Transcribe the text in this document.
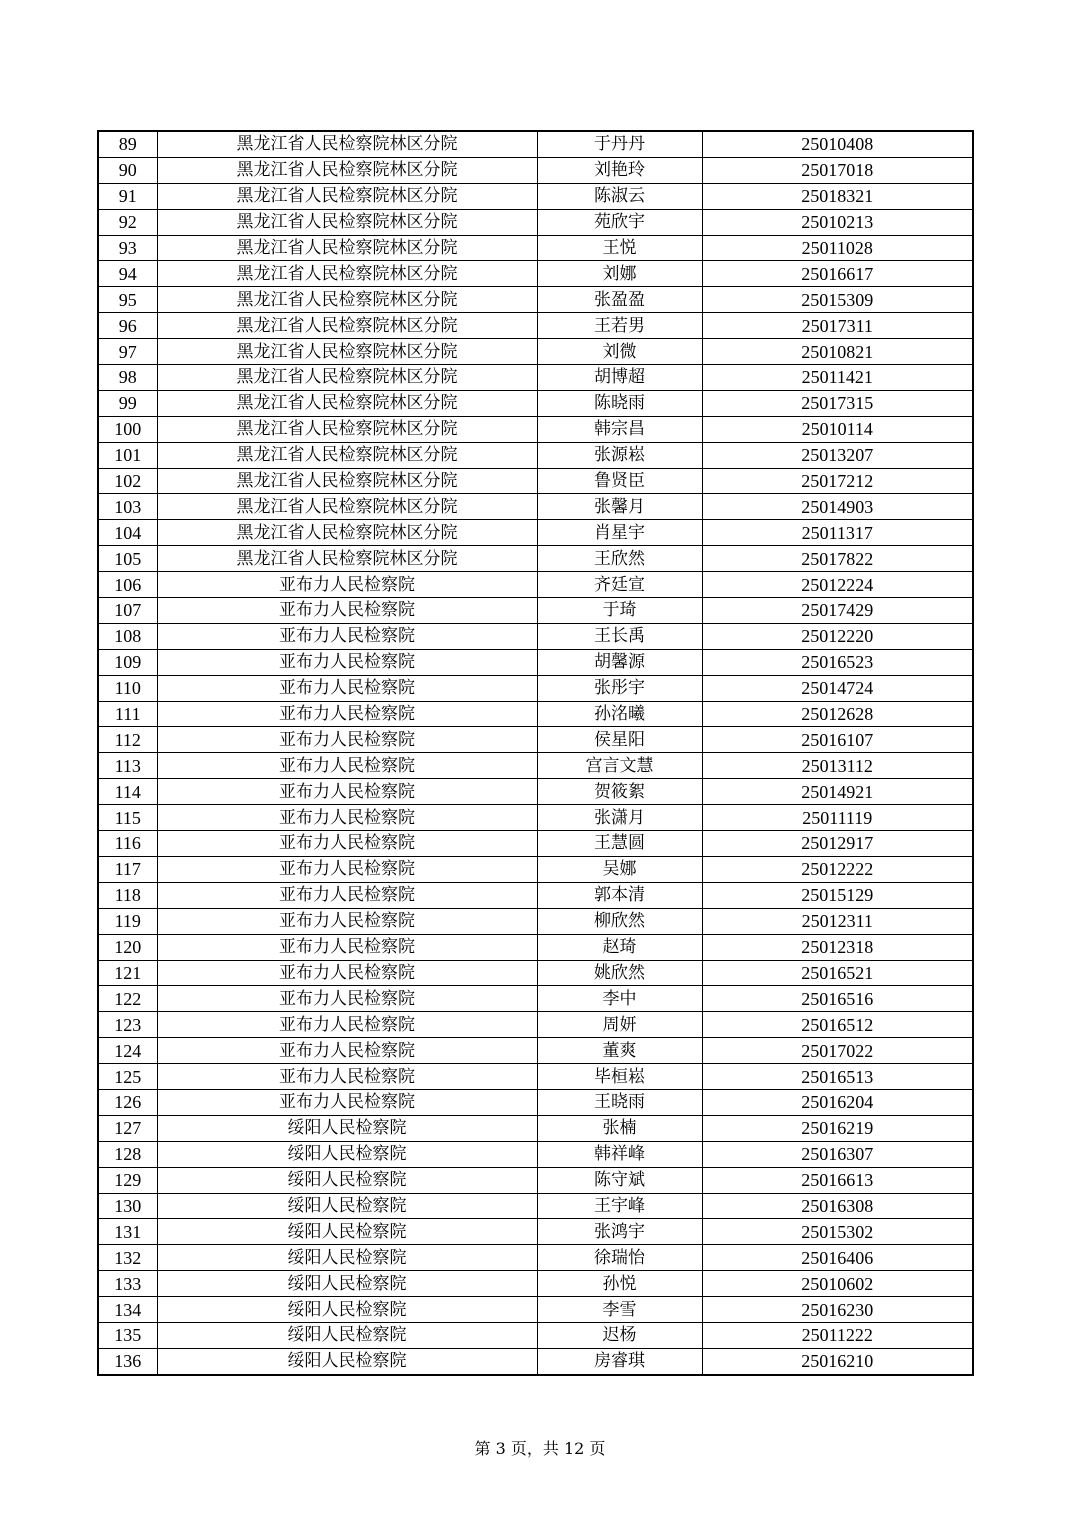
89	黑龙江省人民检察院林区分院	于丹丹	25010408
90	黑龙江省人民检察院林区分院	刘艳玲	25017018
91	黑龙江省人民检察院林区分院	陈淑云	25018321
92	黑龙江省人民检察院林区分院	苑欣宇	25010213
93	黑龙江省人民检察院林区分院	王悦	25011028
94	黑龙江省人民检察院林区分院	刘娜	25016617
95	黑龙江省人民检察院林区分院	张盈盈	25015309
96	黑龙江省人民检察院林区分院	王若男	25017311
97	黑龙江省人民检察院林区分院	刘微	25010821
98	黑龙江省人民检察院林区分院	胡博超	25011421
99	黑龙江省人民检察院林区分院	陈晓雨	25017315
100	黑龙江省人民检察院林区分院	韩宗昌	25010114
101	黑龙江省人民检察院林区分院	张源崧	25013207
102	黑龙江省人民检察院林区分院	鲁贤臣	25017212
103	黑龙江省人民检察院林区分院	张馨月	25014903
104	黑龙江省人民检察院林区分院	肖星宇	25011317
105	黑龙江省人民检察院林区分院	王欣然	25017822
106	亚布力人民检察院	齐廷宣	25012224
107	亚布力人民检察院	于琦	25017429
108	亚布力人民检察院	王长禹	25012220
109	亚布力人民检察院	胡馨源	25016523
110	亚布力人民检察院	张彤宇	25014724
111	亚布力人民检察院	孙洺曦	25012628
112	亚布力人民检察院	侯星阳	25016107
113	亚布力人民检察院	宫言文慧	25013112
114	亚布力人民检察院	贺筱絮	25014921
115	亚布力人民检察院	张潇月	25011119
116	亚布力人民检察院	王慧圆	25012917
117	亚布力人民检察院	吴娜	25012222
118	亚布力人民检察院	郭本清	25015129
119	亚布力人民检察院	柳欣然	25012311
120	亚布力人民检察院	赵琦	25012318
121	亚布力人民检察院	姚欣然	25016521
122	亚布力人民检察院	李中	25016516
123	亚布力人民检察院	周妍	25016512
124	亚布力人民检察院	董爽	25017022
125	亚布力人民检察院	毕桓崧	25016513
126	亚布力人民检察院	王晓雨	25016204
127	绥阳人民检察院	张楠	25016219
128	绥阳人民检察院	韩祥峰	25016307
129	绥阳人民检察院	陈守斌	25016613
130	绥阳人民检察院	王宇峰	25016308
131	绥阳人民检察院	张鸿宇	25015302
132	绥阳人民检察院	徐瑞怡	25016406
133	绥阳人民检察院	孙悦	25010602
134	绥阳人民检察院	李雪	25016230
135	绥阳人民检察院	迟杨	25011222
136	绥阳人民检察院	房睿琪	25016210
第 3 页，共 12 页
